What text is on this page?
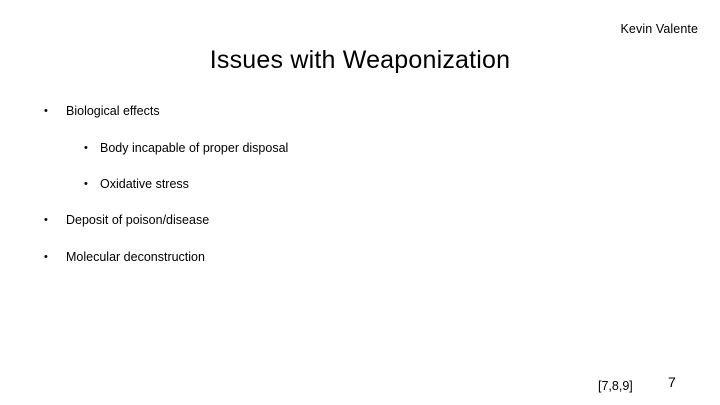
Kevin Valente
Issues with Weaponization
•	Biological effects
• Body incapable of proper disposal
• Oxidative stress
•	Deposit of poison/disease
•	Molecular deconstruction
[7,8,9]	7
